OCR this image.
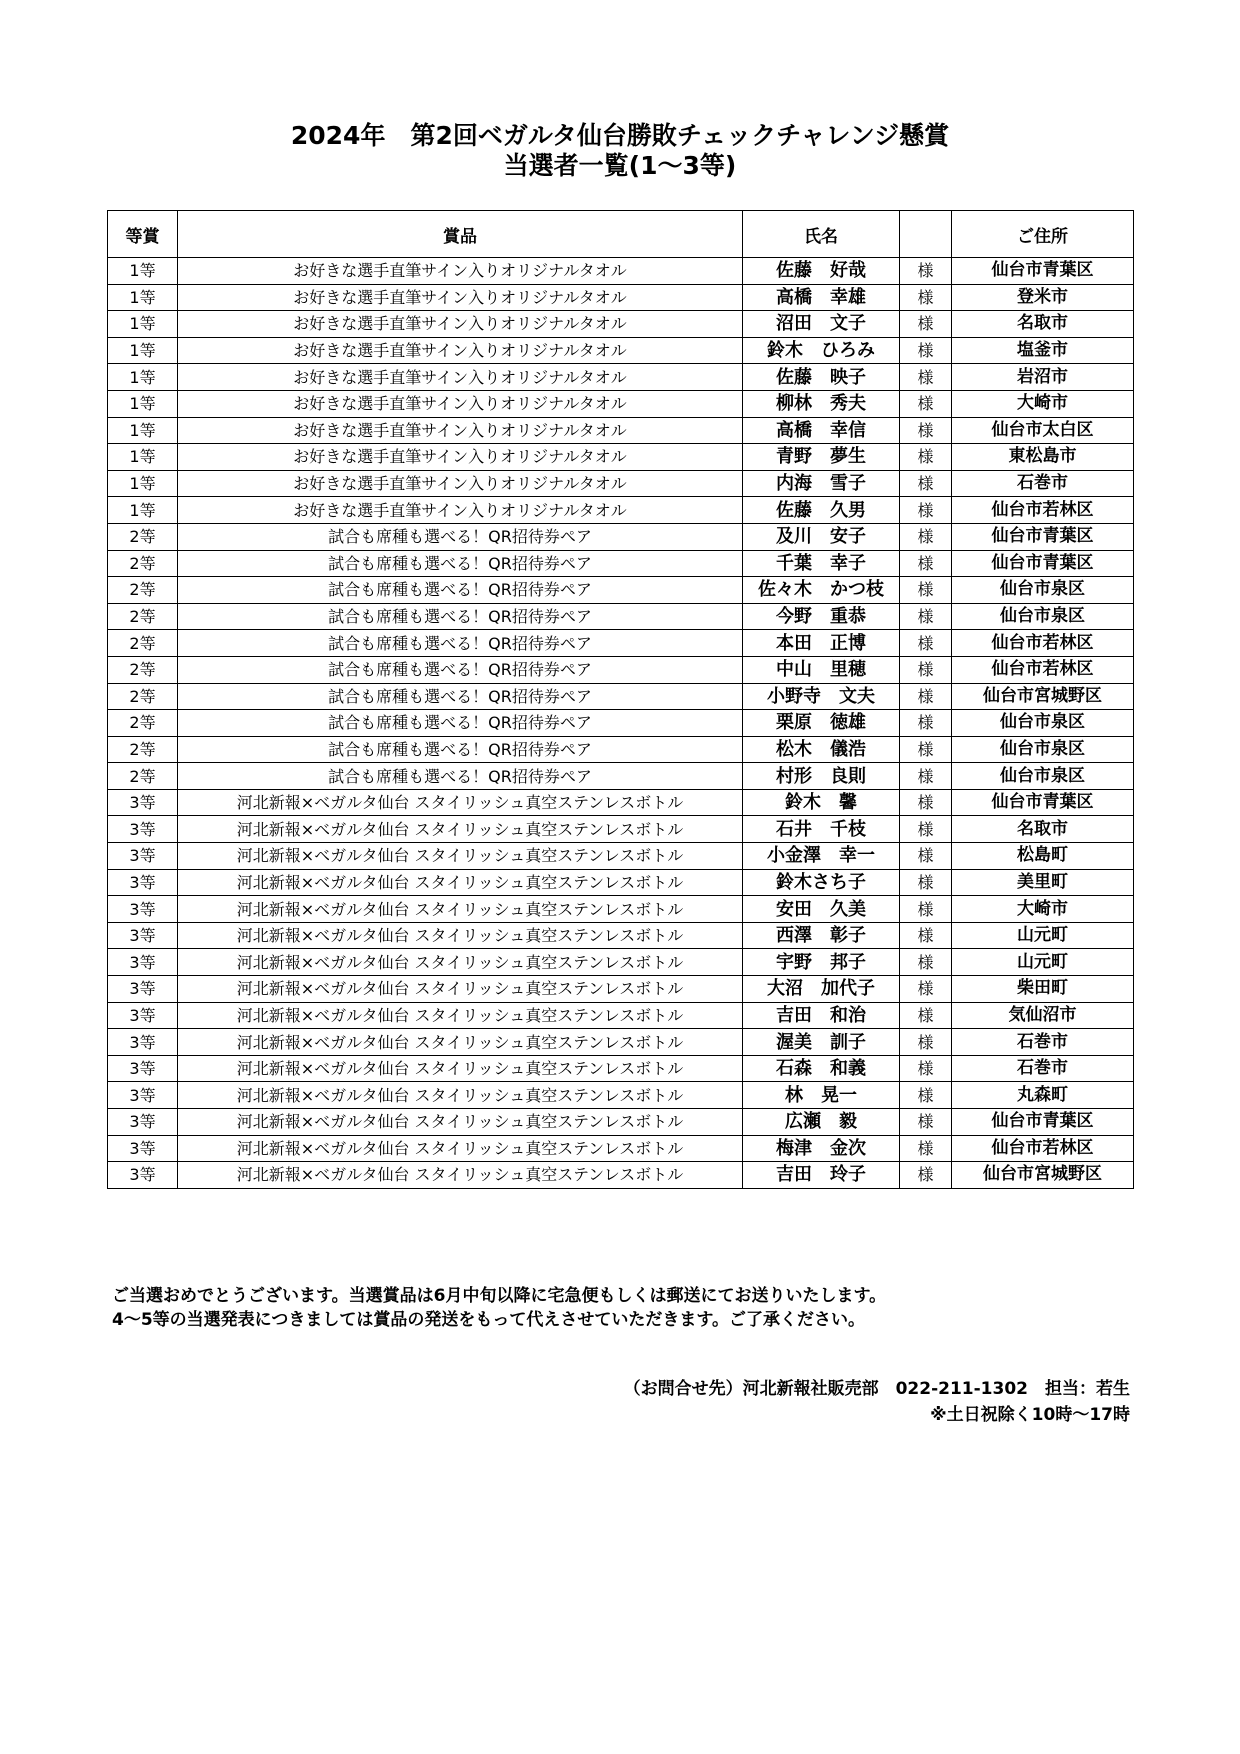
2024年　第2回ベガルタ仙台勝敗チェックチャレンジ懸賞
当選者一覧(1～3等)
等賞	賞品	氏名		ご住所
1等	お好きな選手直筆サイン入りオリジナルタオル	佐藤　好哉	様	仙台市青葉区
1等	お好きな選手直筆サイン入りオリジナルタオル	高橋　幸雄	様	登米市
1等	お好きな選手直筆サイン入りオリジナルタオル	沼田　文子	様	名取市
1等	お好きな選手直筆サイン入りオリジナルタオル	鈴木　ひろみ	様	塩釜市
1等	お好きな選手直筆サイン入りオリジナルタオル	佐藤　映子	様	岩沼市
1等	お好きな選手直筆サイン入りオリジナルタオル	柳林　秀夫	様	大崎市
1等	お好きな選手直筆サイン入りオリジナルタオル	高橋　幸信	様	仙台市太白区
1等	お好きな選手直筆サイン入りオリジナルタオル	青野　夢生	様	東松島市
1等	お好きな選手直筆サイン入りオリジナルタオル	内海　雪子	様	石巻市
1等	お好きな選手直筆サイン入りオリジナルタオル	佐藤　久男	様	仙台市若林区
2等	試合も席種も選べる！QR招待券ペア	及川　安子	様	仙台市青葉区
2等	試合も席種も選べる！QR招待券ペア	千葉　幸子	様	仙台市青葉区
2等	試合も席種も選べる！QR招待券ペア	佐々木　かつ枝	様	仙台市泉区
2等	試合も席種も選べる！QR招待券ペア	今野　重恭	様	仙台市泉区
2等	試合も席種も選べる！QR招待券ペア	本田　正博	様	仙台市若林区
2等	試合も席種も選べる！QR招待券ペア	中山　里穂	様	仙台市若林区
2等	試合も席種も選べる！QR招待券ペア	小野寺　文夫	様	仙台市宮城野区
2等	試合も席種も選べる！QR招待券ペア	栗原　徳雄	様	仙台市泉区
2等	試合も席種も選べる！QR招待券ペア	松木　儀浩	様	仙台市泉区
2等	試合も席種も選べる！QR招待券ペア	村形　良則	様	仙台市泉区
3等	河北新報×ベガルタ仙台 スタイリッシュ真空ステンレスボトル	鈴木　馨	様	仙台市青葉区
3等	河北新報×ベガルタ仙台 スタイリッシュ真空ステンレスボトル	石井　千枝	様	名取市
3等	河北新報×ベガルタ仙台 スタイリッシュ真空ステンレスボトル	小金澤　幸一	様	松島町
3等	河北新報×ベガルタ仙台 スタイリッシュ真空ステンレスボトル	鈴木さち子	様	美里町
3等	河北新報×ベガルタ仙台 スタイリッシュ真空ステンレスボトル	安田　久美	様	大崎市
3等	河北新報×ベガルタ仙台 スタイリッシュ真空ステンレスボトル	西澤　彰子	様	山元町
3等	河北新報×ベガルタ仙台 スタイリッシュ真空ステンレスボトル	宇野　邦子	様	山元町
3等	河北新報×ベガルタ仙台 スタイリッシュ真空ステンレスボトル	大沼　加代子	様	柴田町
3等	河北新報×ベガルタ仙台 スタイリッシュ真空ステンレスボトル	吉田　和治	様	気仙沼市
3等	河北新報×ベガルタ仙台 スタイリッシュ真空ステンレスボトル	渥美　訓子	様	石巻市
3等	河北新報×ベガルタ仙台 スタイリッシュ真空ステンレスボトル	石森　和義	様	石巻市
3等	河北新報×ベガルタ仙台 スタイリッシュ真空ステンレスボトル	林　晃一	様	丸森町
3等	河北新報×ベガルタ仙台 スタイリッシュ真空ステンレスボトル	広瀬　毅	様	仙台市青葉区
3等	河北新報×ベガルタ仙台 スタイリッシュ真空ステンレスボトル	梅津　金次	様	仙台市若林区
3等	河北新報×ベガルタ仙台 スタイリッシュ真空ステンレスボトル	吉田　玲子	様	仙台市宮城野区
ご当選おめでとうございます。当選賞品は6月中旬以降に宅急便もしくは郵送にてお送りいたします。
4～5等の当選発表につきましては賞品の発送をもって代えさせていただきます。ご了承ください。
（お問合せ先）河北新報社販売部　022-211-1302　担当：若生
※土日祝除く10時～17時
